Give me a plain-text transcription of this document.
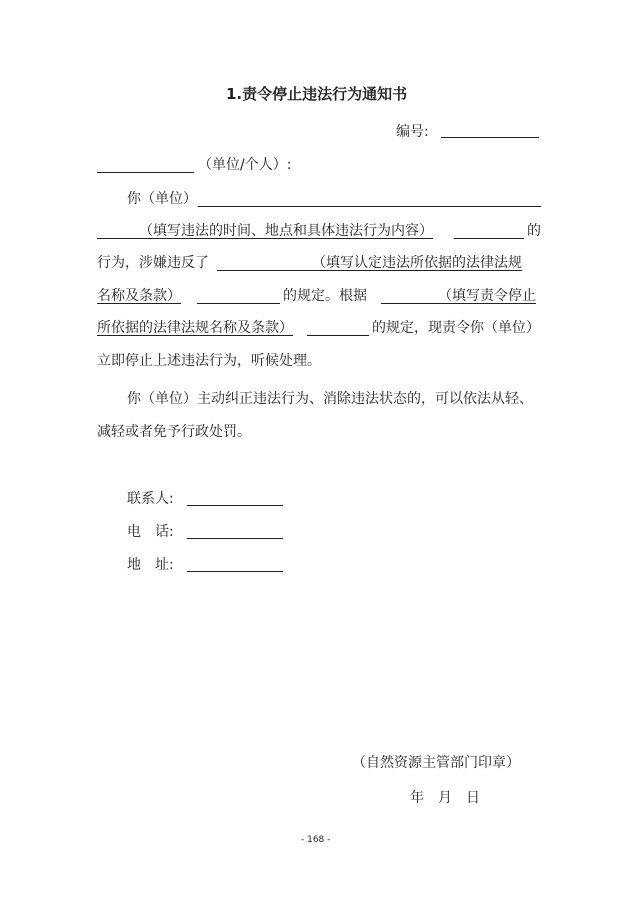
1.责令停止违法行为通知书
编号:
（单位/个人）:
你（单位）
（填写违法的时间、地点和具体违法行为内容）	的
行为，涉嫌违反了	（填写认定违法所依据的法律法规
名称及条款）	的规定。根据	（填写责令停止
所依据的法律法规名称及条款）	的规定，现责令你（单位）
立即停止上述违法行为，听候处理。
你（单位）主动纠正违法行为、消除违法状态的，可以依法从轻、
减轻或者免予行政处罚。
联系人:
电　话:
地　址:
（自然资源主管部门印章）
年　月　日
- 168 -
